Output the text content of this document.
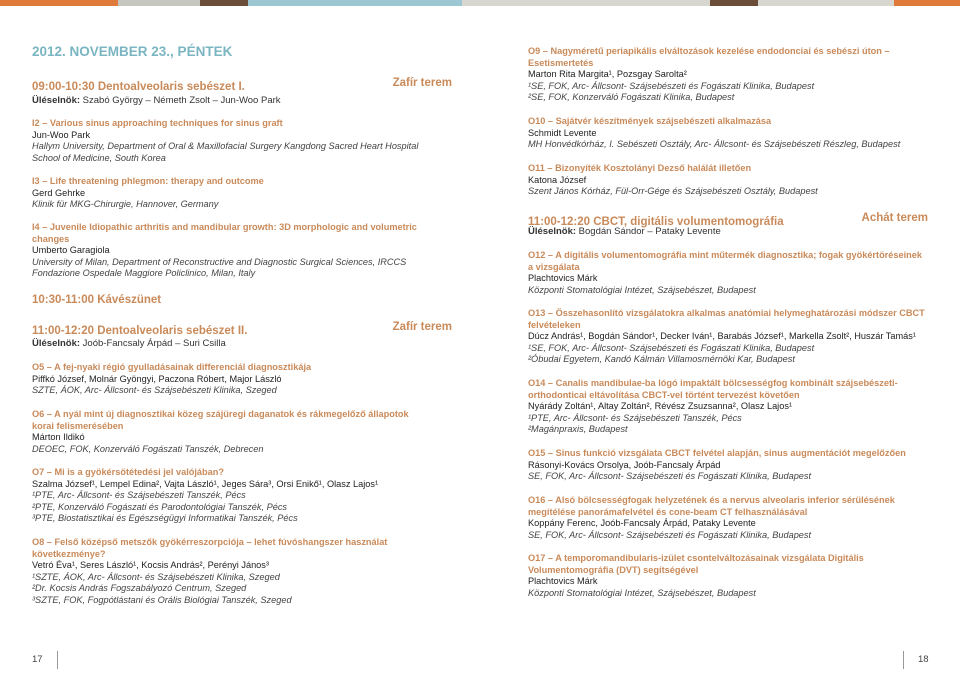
2012. NOVEMBER 23., PÉNTEK
09:00-10:30 Dentoalveolaris sebészet I.	Zafír terem
Üléselnök: Szabó György – Németh Zsolt – Jun-Woo Park
I2 – Various sinus approaching techniques for sinus graft
Jun-Woo Park
Hallym University, Department of Oral & Maxillofacial Surgery Kangdong Sacred Heart Hospital
School of Medicine, South Korea
I3 – Life threatening phlegmon: therapy and outcome
Gerd Gehrke
Klinik für MKG-Chirurgie, Hannover, Germany
I4 – Juvenile Idiopathic arthritis and mandibular growth: 3D morphologic and volumetric
changes
Umberto Garagiola
University of Milan, Department of Reconstructive and Diagnostic Surgical Sciences, IRCCS
Fondazione Ospedale Maggiore Policlinico, Milan, Italy
10:30-11:00 Kávészünet
11:00-12:20 Dentoalveolaris sebészet II.	Zafír terem
Üléselnök: Joób-Fancsaly Árpád – Suri Csilla
O5 – A fej-nyaki régió gyulladásainak differenciál diagnosztikája
Piffkó József, Molnár Gyöngyi, Paczona Róbert, Major László
SZTE, ÁOK, Arc- Állcsont- és Szájsebészeti Klinika, Szeged
O6 – A nyál mint új diagnosztikai közeg szájüregi daganatok és rákmegelőző állapotok
korai felismerésében
Márton Ildikó
DEOEC, FOK, Konzerválό Fogászati Tanszék, Debrecen
O7 – Mi is a gyökérsötétedési jel valójában?
Szalma József¹, Lempel Edina², Vajta László¹, Jeges Sára³, Orsi Enikő¹, Olasz Lajos¹
¹PTE, Arc- Állcsont- és Szájsebészeti Tanszék, Pécs
²PTE, Konzerváló Fogászati és Parodontológiai Tanszék, Pécs
³PTE, Biostatisztikai és Egészségügyi Informatikai Tanszék, Pécs
O8 – Felső középső metszők gyökérreszorpciója – lehet fúvóshangszer használat
következménye?
Vetró Éva¹, Seres László¹, Kocsis András², Perényi János³
¹SZTE, ÁOK, Arc- Állcsont- és Szájsebészeti Klinika, Szeged
²Dr. Kocsis András Fogszabályozó Centrum, Szeged
³SZTE, FOK, Fogpótlástani és Orális Biológiai Tanszék, Szeged
17
O9 – Nagyméretű periapikális elváltozások kezelése endodonciai és sebészi úton –
Esetismertetés
Marton Rita Margita¹, Pozsgay Sarolta²
¹SE, FOK, Arc- Állcsont- Szájsebészeti és Fogászati Klinika, Budapest
²SE, FOK, Konzerválό Fogászati Klinika, Budapest
O10 – Sajátvér készítmények szájsebészeti alkalmazása
Schmidt Levente
MH Honvédkórház, I. Sebészeti Osztály, Arc- Állcsont- és Szájsebészeti Részleg, Budapest
O11 – Bizonyíték Kosztolányi Dezső halálát illetően
Katona József
Szent János Kórház, Fül-Orr-Gége és Szájsebészeti Osztály, Budapest
11:00-12:20 CBCT, digitális volumentomográfia	Achát terem
Üléselnök: Bogdán Sándor – Pataky Levente
O12 – A digitális volumentomográfia mint műtermék diagnosztika; fogak gyökértöréseinek
a vizsgálata
Plachtovics Márk
Központi Stomatológiai Intézet, Szájsebészet, Budapest
O13 – Összehasonlító vizsgálatokra alkalmas anatómiai helymeghatározási módszer CBCT
felvételeken
Dúcz András¹, Bogdán Sándor¹, Decker Iván¹, Barabás József¹, Markella Zsolt², Huszár Tamás¹
¹SE, FOK, Arc- Állcsont- Szájsebészeti és Fogászati Klinika, Budapest
²Óbudai Egyetem, Kandó Kálmán Villamosmérnöki Kar, Budapest
O14 – Canalis mandibulae-ba lógó impaktált bölcsességfog kombinált szájsebészeti-
orthodonticai eltávolítása CBCT-vel történt tervezést követően
Nyárády Zoltán¹, Altay Zoltán², Révész Zsuzsanna², Olasz Lajos¹
¹PTE, Arc- Állcsont- és Szájsebészeti Tanszék, Pécs
²Magánpraxis, Budapest
O15 – Sinus funkció vizsgálata CBCT felvétel alapján, sinus augmentációt megelőzően
Rásonyi-Kovács Orsolya, Joób-Fancsaly Árpád
SE, FOK, Arc- Állcsont- Szájsebészeti és Fogászati Klinika, Budapest
O16 – Alsó bölcsességfogak helyzetének és a nervus alveolaris inferior sérülésének
megítélése panorámafelvétel és cone-beam CT felhasználásával
Koppány Ferenc, Joób-Fancsaly Árpád, Pataky Levente
SE, FOK, Arc- Állcsont- Szájsebészeti és Fogászati Klinika, Budapest
O17 – A temporomandibularis-izület csontelváltozásainak vizsgálata Digitális
Volumentomográfia (DVT) segítségével
Plachtovics Márk
Központi Stomatológiai Intézet, Szájsebészet, Budapest
18
